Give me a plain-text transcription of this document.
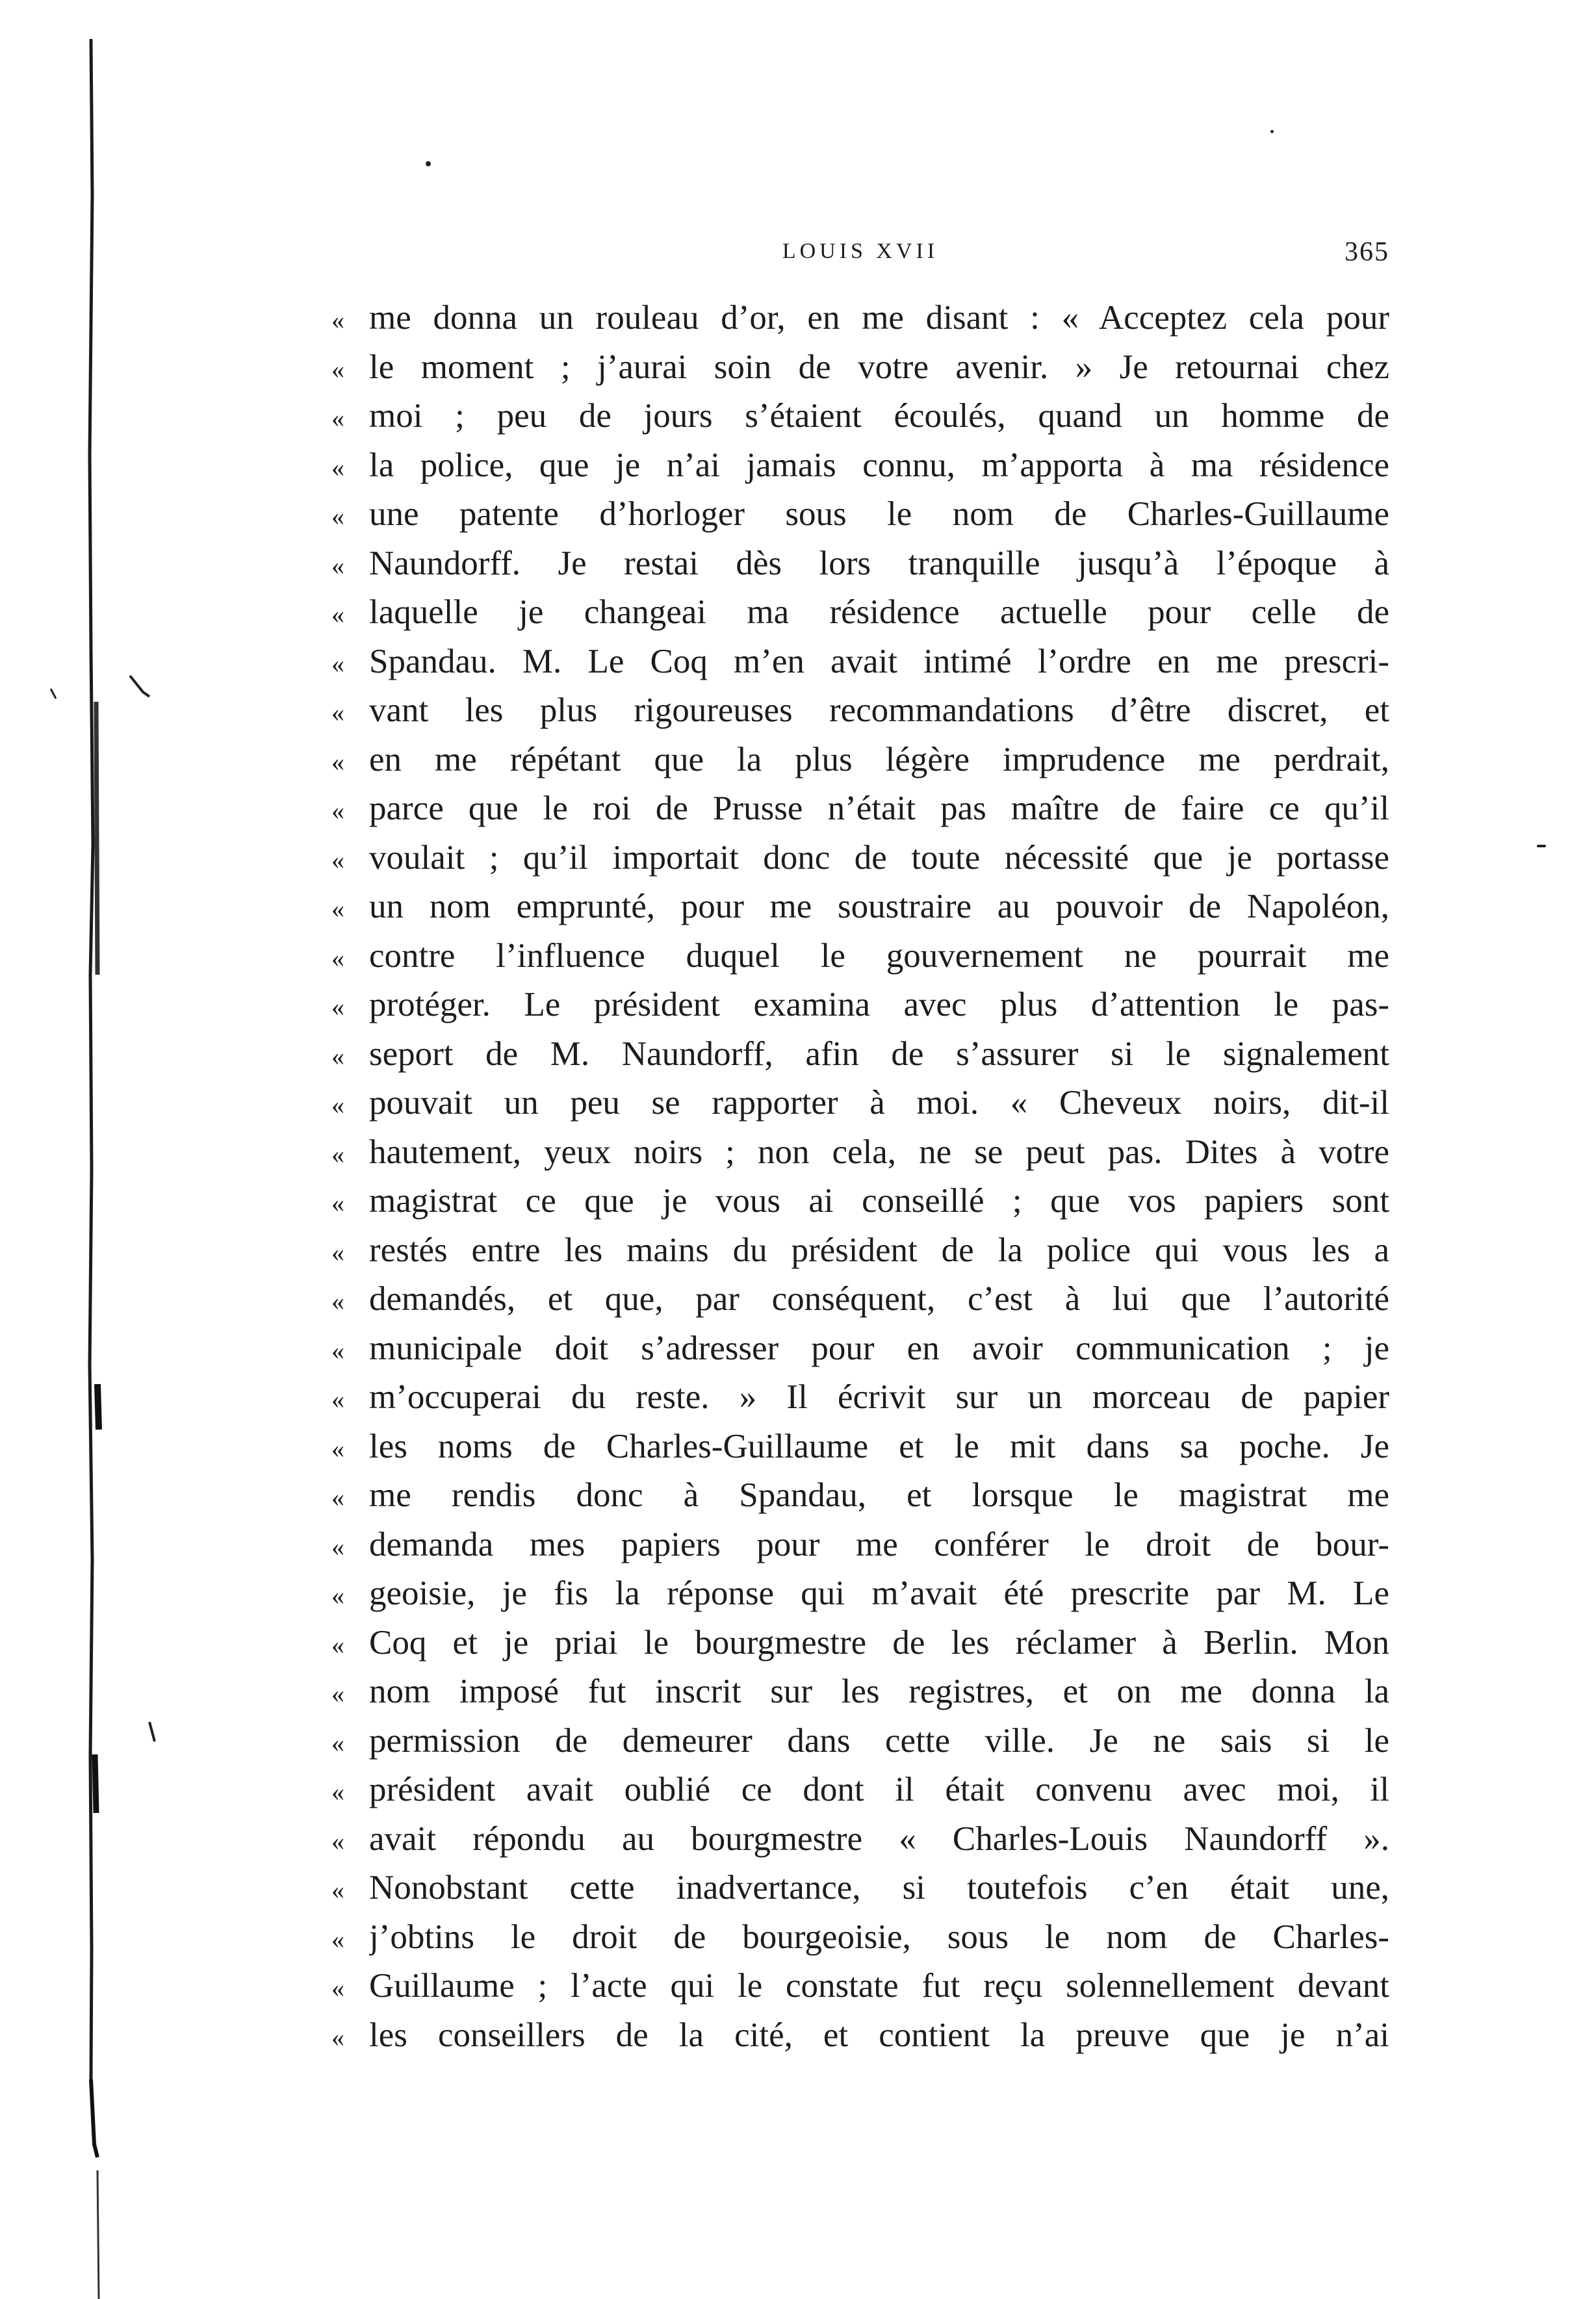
LOUIS XVII	365
« me donna un rouleau d’or, en me disant : « Acceptez cela pour
« le moment ; j’aurai soin de votre avenir. » Je retournai chez
« moi ; peu de jours s’étaient écoulés, quand un homme de
« la police, que je n’ai jamais connu, m’apporta à ma résidence
« une patente d’horloger sous le nom de Charles-Guillaume
« Naundorff. Je restai dès lors tranquille jusqu’à l’époque à
« laquelle je changeai ma résidence actuelle pour celle de
« Spandau. M. Le Coq m’en avait intimé l’ordre en me prescri-
« vant les plus rigoureuses recommandations d’être discret, et
« en me répétant que la plus légère imprudence me perdrait,
« parce que le roi de Prusse n’était pas maître de faire ce qu’il
« voulait ; qu’il importait donc de toute nécessité que je portasse
« un nom emprunté, pour me soustraire au pouvoir de Napoléon,
« contre l’influence duquel le gouvernement ne pourrait me
« protéger. Le président examina avec plus d’attention le pas-
« seport de M. Naundorff, afin de s’assurer si le signalement
« pouvait un peu se rapporter à moi. « Cheveux noirs, dit-il
« hautement, yeux noirs ; non cela, ne se peut pas. Dites à votre
« magistrat ce que je vous ai conseillé ; que vos papiers sont
« restés entre les mains du président de la police qui vous les a
« demandés, et que, par conséquent, c’est à lui que l’autorité
« municipale doit s’adresser pour en avoir communication ; je
« m’occuperai du reste. » Il écrivit sur un morceau de papier
« les noms de Charles-Guillaume et le mit dans sa poche. Je
« me rendis donc à Spandau, et lorsque le magistrat me
« demanda mes papiers pour me conférer le droit de bour-
« geoisie, je fis la réponse qui m’avait été prescrite par M. Le
« Coq et je priai le bourgmestre de les réclamer à Berlin. Mon
« nom imposé fut inscrit sur les registres, et on me donna la
« permission de demeurer dans cette ville. Je ne sais si le
« président avait oublié ce dont il était convenu avec moi, il
« avait répondu au bourgmestre « Charles-Louis Naundorff ».
« Nonobstant cette inadvertance, si toutefois c’en était une,
« j’obtins le droit de bourgeoisie, sous le nom de Charles-
« Guillaume ; l’acte qui le constate fut reçu solennellement devant
« les conseillers de la cité, et contient la preuve que je n’ai
